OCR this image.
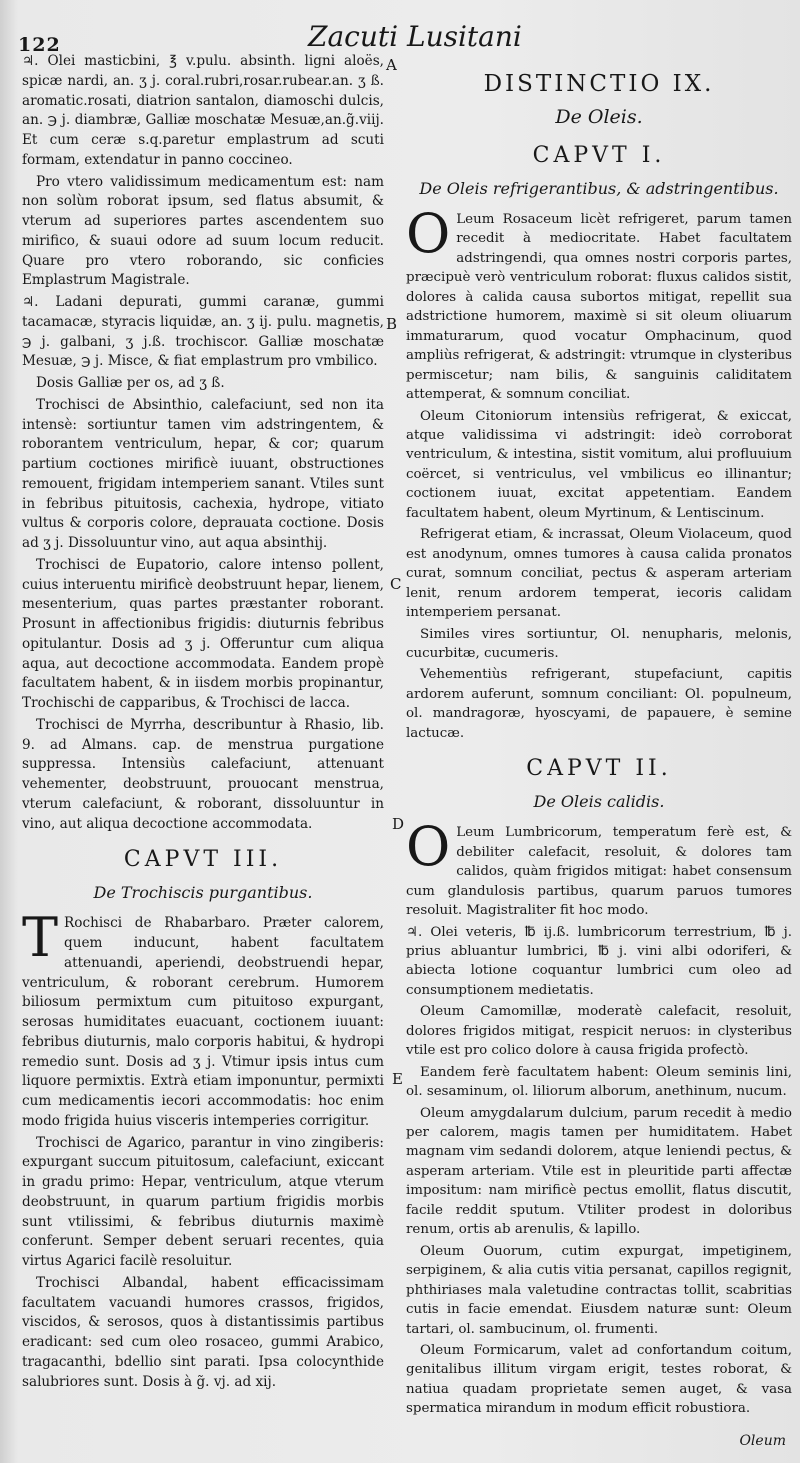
122	Zacuti Lusitani

♃. Olei masticbini, ℥ v.pulu. absinth. ligni aloës, spicæ nardi, an. ʒ j. coral.rubri,rosar.rubear.an. ʒ ß. aromatic.rosati, diatrion santalon, diamoschi dulcis, an. ℈ j. diambræ, Galliæ moschatæ Mesuæ,an.g̃.viij. Et cum ceræ s.q.paretur emplastrum ad scuti formam, extendatur in panno coccineo.

Pro vtero validissimum medicamentum est: nam non solùm roborat ipsum, sed flatus absumit, & vterum ad superiores partes ascendentem suo mirifico, & suaui odore ad suum locum reducit. Quare pro vtero roborando, sic conficies Emplastrum Magistrale.

♃. Ladani depurati, gummi caranæ, gummi tacamacæ, styracis liquidæ, an. ʒ ij. pulu. magnetis, ℈ j. galbani, ʒ j.ß. trochiscor. Galliæ moschatæ Mesuæ, ℈ j. Misce, & fiat emplastrum pro vmbilico.

Dosis Galliæ per os, ad ʒ ß.

Trochisci de Absinthio, calefaciunt, sed non ita intensè: sortiuntur tamen vim adstringentem, & roborantem ventriculum, hepar, & cor; quarum partium coctiones mirificè iuuant, obstructiones remouent, frigidam intemperiem sanant. Vtiles sunt in febribus pituitosis, cachexia, hydrope, vitiato vultus & corporis colore, deprauata coctione. Dosis ad ʒ j. Dissoluuntur vino, aut aqua absinthij.

Trochisci de Eupatorio, calore intenso pollent, cuius interuentu mirificè deobstruunt hepar, lienem, mesenterium, quas partes præstanter roborant. Prosunt in affectionibus frigidis: diuturnis febribus opitulantur. Dosis ad ʒ j. Offeruntur cum aliqua aqua, aut decoctione accommodata. Eandem propè facultatem habent, & in iisdem morbis propinantur, Trochischi de capparibus, & Trochisci de lacca.

Trochisci de Myrrha, describuntur à Rhasio, lib. 9. ad Almans. cap. de menstrua purgatione suppressa. Intensiùs calefaciunt, attenuant vehementer, deobstruunt, prouocant menstrua, vterum calefaciunt, & roborant, dissoluuntur in vino, aut aliqua decoctione accommodata.

CAPVT III.
De Trochiscis purgantibus.

T Rochisci de Rhabarbaro. Præter calorem, quem inducunt, habent facultatem attenuandi, aperiendi, deobstruendi hepar, ventriculum, & roborant cerebrum. Humorem biliosum permixtum cum pituitoso expurgant, serosas humiditates euacuant, coctionem iuuant: febribus diuturnis, malo corporis habitui, & hydropi remedio sunt. Dosis ad ʒ j. Vtimur ipsis intus cum liquore permixtis. Extrà etiam imponuntur, permixti cum medicamentis iecori accommodatis: hoc enim modo frigida huius visceris intemperies corrigitur.

Trochisci de Agarico, parantur in vino zingiberis: expurgant succum pituitosum, calefaciunt, exiccant in gradu primo: Hepar, ventriculum, atque vterum deobstruunt, in quarum partium frigidis morbis sunt vtilissimi, & febribus diuturnis maximè conferunt. Semper debent seruari recentes, quia virtus Agarici facilè resoluitur.

Trochisci Albandal, habent efficacissimam facultatem vacuandi humores crassos, frigidos, viscidos, & serosos, quos à distantissimis partibus eradicant: sed cum oleo rosaceo, gummi Arabico, tragacanthi, bdellio sint parati. Ipsa colocynthide salubriores sunt. Dosis à g̃. vj. ad xij.

DISTINCTIO IX.
De Oleis.
CAPVT I.
De Oleis refrigerantibus, & adstringentibus.

O Leum Rosaceum licèt refrigeret, parum tamen recedit à mediocritate. Habet facultatem adstringendi, qua omnes nostri corporis partes, præcipuè verò ventriculum roborat: fluxus calidos sistit, dolores à calida causa subortos mitigat, repellit sua adstrictione humorem, maximè si sit oleum oliuarum immaturarum, quod vocatur Omphacinum, quod ampliùs refrigerat, & adstringit: vtrumque in clysteribus permiscetur; nam bilis, & sanguinis caliditatem attemperat, & somnum conciliat.

Oleum Citoniorum intensiùs refrigerat, & exiccat, atque validissima vi adstringit: ideò corroborat ventriculum, & intestina, sistit vomitum, alui profluuium coërcet, si ventriculus, vel vmbilicus eo illinantur; coctionem iuuat, excitat appetentiam. Eandem facultatem habent, oleum Myrtinum, & Lentiscinum.

Refrigerat etiam, & incrassat, Oleum Violaceum, quod est anodynum, omnes tumores à causa calida pronatos curat, somnum conciliat, pectus & asperam arteriam lenit, renum ardorem temperat, iecoris calidam intemperiem persanat.

Similes vires sortiuntur, Ol. nenupharis, melonis, cucurbitæ, cucumeris.

Vehementiùs refrigerant, stupefaciunt, capitis ardorem auferunt, somnum conciliant: Ol. populneum, ol. mandragoræ, hyoscyami, de papauere, è semine lactucæ.

CAPVT II.
De Oleis calidis.

O Leum Lumbricorum, temperatum ferè est, & debiliter calefacit, resoluit, & dolores tam calidos, quàm frigidos mitigat: habet consensum cum glandulosis partibus, quarum paruos tumores resoluit. Magistraliter fit hoc modo.

♃. Olei veteris, ℔ ij.ß. lumbricorum terrestrium, ℔ j. prius abluantur lumbrici, ℔ j. vini albi odoriferi, & abiecta lotione coquantur lumbrici cum oleo ad consumptionem medietatis.

Oleum Camomillæ, moderatè calefacit, resoluit, dolores frigidos mitigat, respicit neruos: in clysteribus vtile est pro colico dolore à causa frigida profectò.

Eandem ferè facultatem habent: Oleum seminis lini, ol. sesaminum, ol. liliorum alborum, anethinum, nucum.

Oleum amygdalarum dulcium, parum recedit à medio per calorem, magis tamen per humiditatem. Habet magnam vim sedandi dolorem, atque leniendi pectus, & asperam arteriam. Vtile est in pleuritide parti affectæ impositum: nam mirificè pectus emollit, flatus discutit, facile reddit sputum. Vtiliter prodest in doloribus renum, ortis ab arenulis, & lapillo.

Oleum Ouorum, cutim expurgat, impetiginem, serpiginem, & alia cutis vitia persanat, capillos regignit, phthiriases mala valetudine contractas tollit, scabritias cutis in facie emendat. Eiusdem naturæ sunt: Oleum tartari, ol. sambucinum, ol. frumenti.

Oleum Formicarum, valet ad confortandum coitum, genitalibus illitum virgam erigit, testes roborat, & natiua quadam proprietate semen auget, & vasa spermatica mirandum in modum efficit robustiora.

A
B
C
D
E
Oleum
